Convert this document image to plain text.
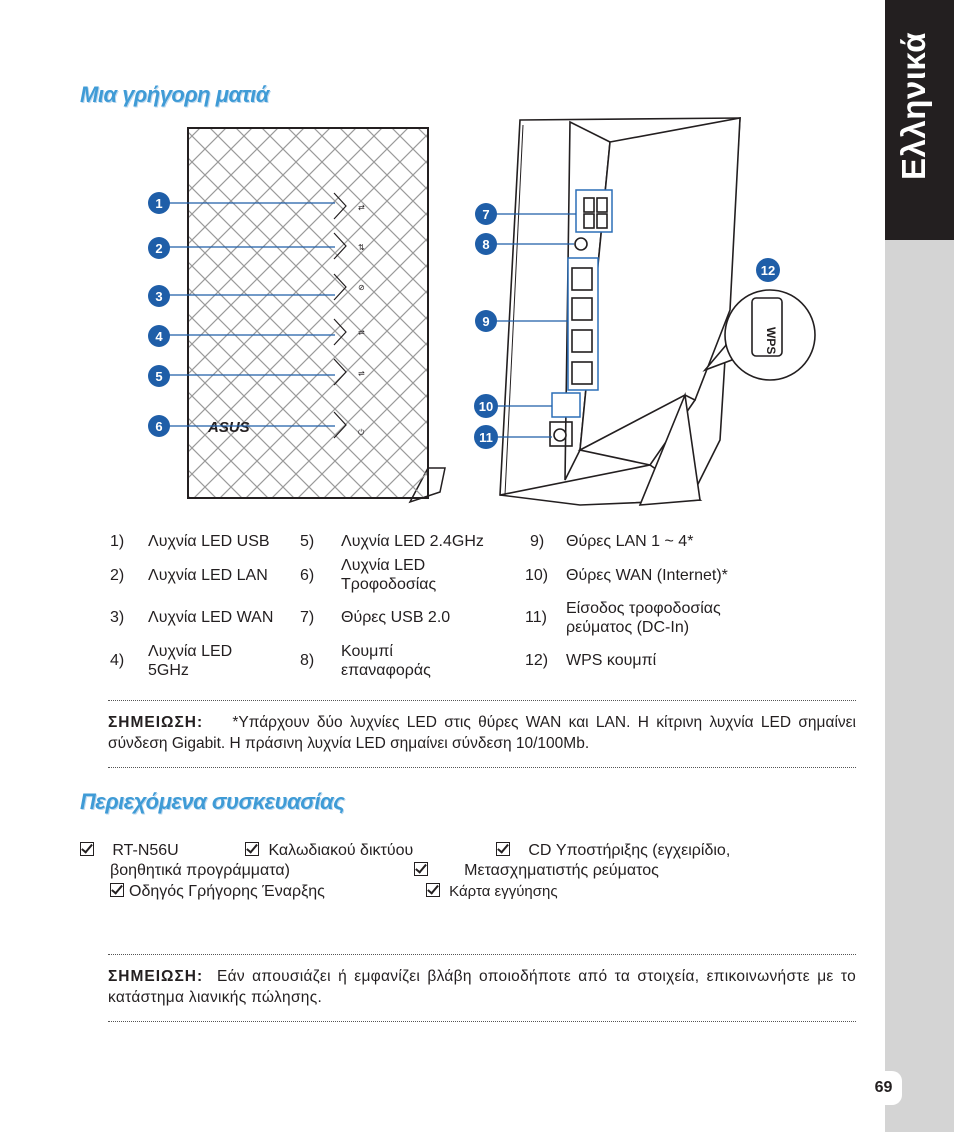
Ελληνικά
69
Μια γρήγορη ματιά
ASUS
⇄
⇅
⊘
⇌
⇌
⏻
1
2
3
4
5
6
WPS
7
8
9
10
11
12
1) Λυχνία LED USB
2) Λυχνία LED LAN
3) Λυχνία LED WAN
4)
Λυχνία LED 5GHz
5) Λυχνία LED 2.4GHz
6)
Λυχνία LED Τροφοδοσίας
7) Θύρες USB 2.0
8)
Κουμπί επαναφοράς
9) Θύρες LAN 1 ~ 4*
10) Θύρες WAN (Internet)*
11)
Είσοδος τροφοδοσίας ρεύματος (DC-In)
12) WPS κουμπί
ΣΗΜΕΙΩΣΗ: *Υπάρχουν δύο λυχνίες LED στις θύρες WAN και LAN. Η κίτρινη λυχνία LED σημαίνει σύνδεση Gigabit. Η πράσινη λυχνία LED σημαίνει σύνδεση 10/100Mb.
Περιεχόμενα συσκευασίας
RT-N56U	Καλωδιακού δικτύου	CD Υποστήριξης (εγχειρίδιο,
βοηθητικά προγράμματα)	Μετασχηματιστής ρεύματος
Οδηγός Γρήγορης Έναρξης	Κάρτα εγγύησης
ΣΗΜΕΙΩΣΗ: Εάν απουσιάζει ή εμφανίζει βλάβη οποιοδήποτε από τα στοιχεία, επικοινωνήστε με το κατάστημα λιανικής πώλησης.
